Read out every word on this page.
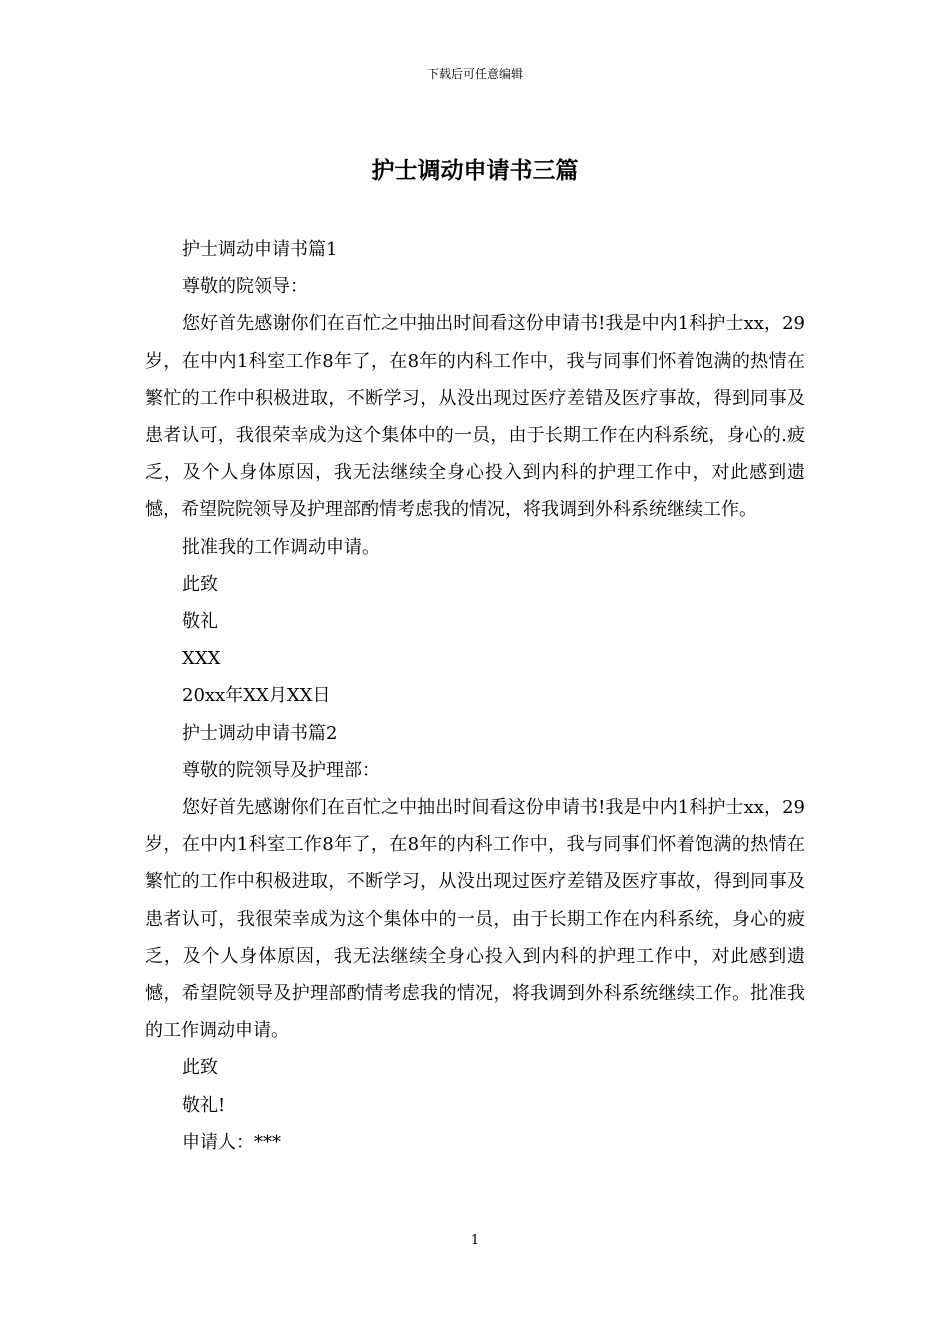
下载后可任意编辑
护士调动申请书三篇

护士调动申请书篇1

尊敬的院领导：

您好首先感谢你们在百忙之中抽出时间看这份申请书!我是中内1科护士xx，29岁，在中内1科室工作8年了，在8年的内科工作中，我与同事们怀着饱满的热情在繁忙的工作中积极进取，不断学习，从没出现过医疗差错及医疗事故，得到同事及患者认可，我很荣幸成为这个集体中的一员，由于长期工作在内科系统，身心的.疲乏，及个人身体原因，我无法继续全身心投入到内科的护理工作中，对此感到遗憾，希望院院领导及护理部酌情考虑我的情况，将我调到外科系统继续工作。

批准我的工作调动申请。

此致

敬礼

XXX

20xx年XX月XX日

护士调动申请书篇2

尊敬的院领导及护理部：

您好首先感谢你们在百忙之中抽出时间看这份申请书!我是中内1科护士xx，29岁，在中内1科室工作8年了，在8年的内科工作中，我与同事们怀着饱满的热情在繁忙的工作中积极进取，不断学习，从没出现过医疗差错及医疗事故，得到同事及患者认可，我很荣幸成为这个集体中的一员，由于长期工作在内科系统，身心的疲乏，及个人身体原因，我无法继续全身心投入到内科的护理工作中，对此感到遗憾，希望院领导及护理部酌情考虑我的情况，将我调到外科系统继续工作。批准我的工作调动申请。

此致

敬礼!

申请人：***

1
